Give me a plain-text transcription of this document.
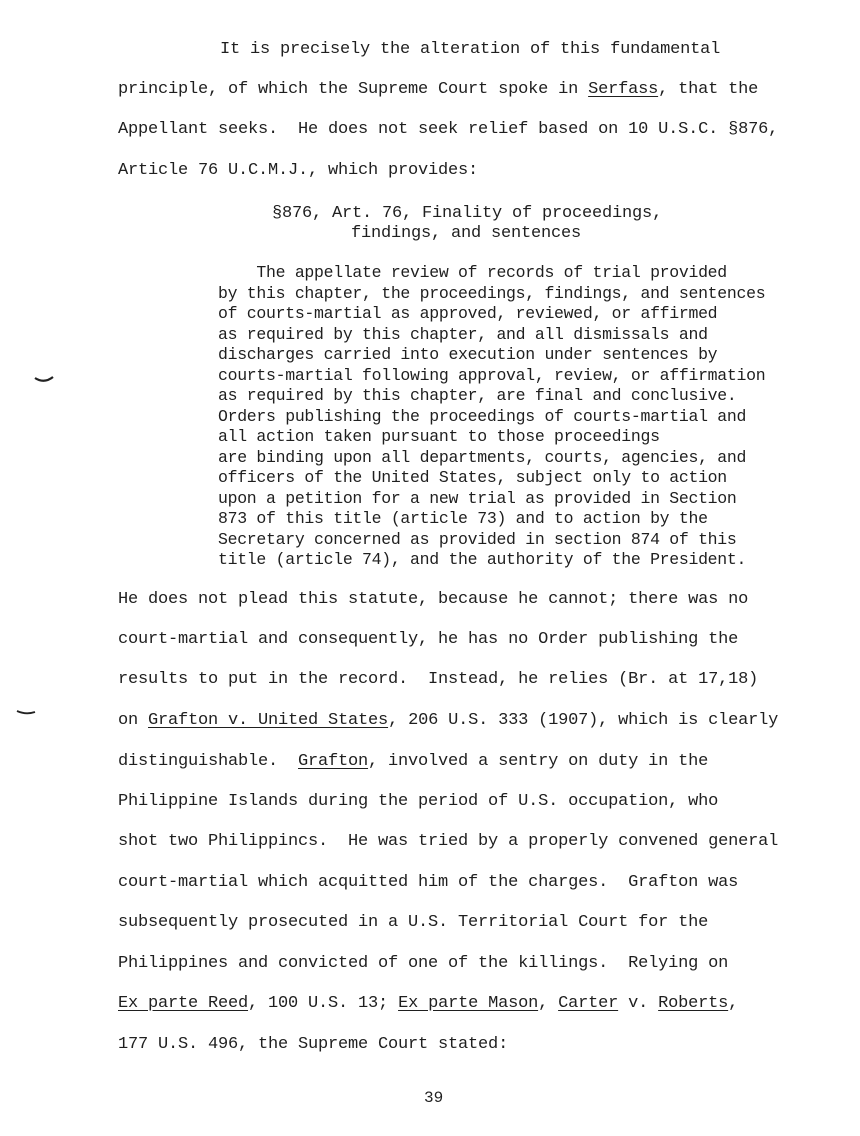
It is precisely the alteration of this fundamental
principle, of which the Supreme Court spoke in Serfass, that the
Appellant seeks.  He does not seek relief based on 10 U.S.C. §876,
Article 76 U.C.M.J., which provides:
§876, Art. 76, Finality of proceedings,
findings, and sentences
The appellate review of records of trial provided
by this chapter, the proceedings, findings, and sentences
of courts-martial as approved, reviewed, or affirmed
as required by this chapter, and all dismissals and
discharges carried into execution under sentences by
courts-martial following approval, review, or affirmation
as required by this chapter, are final and conclusive.
Orders publishing the proceedings of courts-martial and
all action taken pursuant to those proceedings
are binding upon all departments, courts, agencies, and
officers of the United States, subject only to action
upon a petition for a new trial as provided in Section
873 of this title (article 73) and to action by the
Secretary concerned as provided in section 874 of this
title (article 74), and the authority of the President.
He does not plead this statute, because he cannot; there was no
court-martial and consequently, he has no Order publishing the
results to put in the record.  Instead, he relies (Br. at 17,18)
on Grafton v. United States, 206 U.S. 333 (1907), which is clearly
distinguishable.  Grafton, involved a sentry on duty in the
Philippine Islands during the period of U.S. occupation, who
shot two Philippincs.  He was tried by a properly convened general
court-martial which acquitted him of the charges.  Grafton was
subsequently prosecuted in a U.S. Territorial Court for the
Philippines and convicted of one of the killings.  Relying on
Ex parte Reed, 100 U.S. 13; Ex parte Mason, Carter v. Roberts,
177 U.S. 496, the Supreme Court stated:
39
